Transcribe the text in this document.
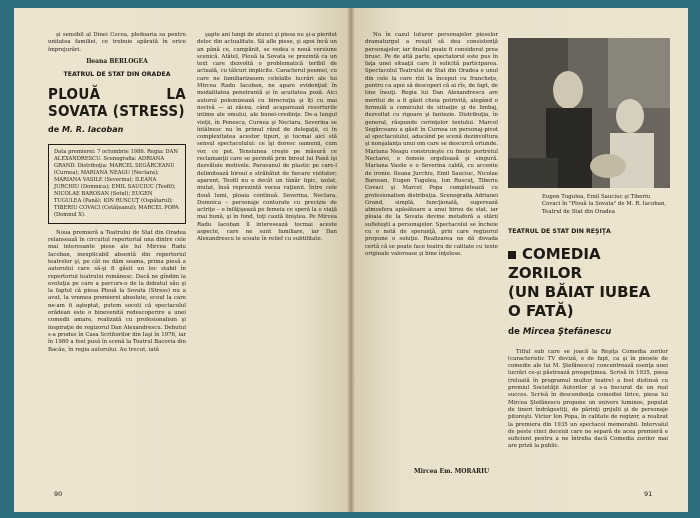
şi sensibil al Dinei Cocea, pledoaria sa pentru unitatea familiei, ce trebuie apărată în orice împrejurări.

Ileana BERLOGEA
TEATRUL DE STAT DIN ORADEA
PLOUĂ LA SOVATA (STRESS)
de M. R. Iacoban
Data premierei: 7 octombrie 1986. Regia: DAN ALEXANDRESCU. Scenografia: ADRIANA GRAND. Distribuţia: MARCEL SEGĂRCEANU (Curnea); MARIANA NEAGU (Nectara); MARIANA VASILE (Severina); ILEANA JURCHIU (Domnica); EMIL SAUCIUC (Teofil); NICOLAE BAROSAN (Sotul); EUGEN TUGULEA (Pană); ION RUSCUŢ (Ospătarul); TIBERIU COVACI (Cetăţeanul); MARCEL POPA (Domnul X).

Noua premieră a Teatrului de Stat din Oradea relansează în circuitul repertorial una dintre cele mai interesante piese ale lui Mircea Radu Iacoban, inexplicabil absentă din repertoriul teatrelor şi, pe cât ne dăm seama, prima piesă a autorului care să-şi fi găsit un loc stabil în repertoriul teatrului românesc. Dacă ne gîndim la evoluţia pe care a parcurs-o de la debutul său şi la faptul că piesa Plouă la Sovata (Stress) nu a avut, la vremea premierei absolute, ecoul la care ne-am fi aşteptat, putem socoti că spectacolul orădean este o binevenită redescoperire a unei comedii amare, realizată cu profesionalism şi inspiraţie de regizorul Dan Alexandrescu. Debutul s-a produs în Casa Scriitorilor din Iaşi în 1976, iar în 1980 a fost pusă în scenă la Teatrul Bacovia din Bacău, în regia autorului. Au trecut, iată

şapte ani lungi de atunci şi piesa nu şi-a pierdut deloc din actualitate. Să afle piese, şi apoi încă un an până ce, cumpănit, se vedea o nouă versiune scenică. Atâtel, Plouă la Sovata se prezintă ca un text care dezvoltă o problematică teribil de actuală, cu tâlcuri implicite. Caracterul poemei, cu care ne familiarizasem celelalte lucrări ale lui Mircea Radu Iacoban, ne apare evidenţiat în modalitatea penetrantă şi în acuitatea poză. Aici autorul polemizează cu birocraţia şi îţi cu mai nocivă — ai zăcea, când acaparează resorturile intime ale omului, ale bunei-credinţe. De-a lungul vieţii, în Penescu, Curnea şi Nectara, Severina se întâlnesc nu în primul rând de delegaţii, ci în complexitatea acestor tipuri, şi tocmai aici stă sensul spectacolului: ce îşi doresc oamenii, cum vor, ce pot. Tensiunea creşte pe măsură ce reclamanţii care se perindă prin biroul lui Pană îşi dezvăluie motivele. Paravanul de plastic pe care-l delimitează biroul e străbătut de fiecare vizitator; aparent, Teofil nu e decât un tânăr tipic, izolat, mutat, însă reprezintă vocea raţiunii. Între cele două lumi, ploaia continuă. Severina, Nectara, Domnica – personaje conturate cu precizie de actriţe – o înfăţişează pe femeia ce speră la o viaţă mai bună, şi în fond, toţi caută liniştea. Pe Mircea Radu Iacoban îl interesează tocmai aceste aspecte, care ne sunt familiare, iar Dan Alexandrescu le scoate în relief cu subtilitate.

90

Nu în cazul tuturor personajelor pieselor dramaturgul a reuşit să dea consistenţă personajelor, iar finalul poate fi considerat prea brusc. Pe de altă parte, spectatorul este pus în faţa unei situaţii care îi solicită participarea. Spectacolul Teatrului de Stat din Oradea e unul din cele la care rîzi la început cu franchețe, pentru ca apoi să descoperi că ai rîs, de fapt, de tine însuţi. Regia lui Dan Alexandrescu are meritul de a fi găsit cheia potrivită, alegând o formulă a comicului de situaţie şi de limbaj, dezvoltat cu rigoare şi fantezie. Distribuţia, în general, răspunde cerinţelor textului. Marcel Segărceanu a găsit în Curnea un personaj-pivot al spectacolului, aducând pe scenă dezinvoltura şi nonşalanţa unui om care se descurcă oriunde. Mariana Neagu construieşte cu finețe portretul Nectarei, o femeie orgolioasă şi singură. Mariana Vasile e o Severina caldă, cu accente de ironie. Ileana Jurchiu, Emil Sauciuc, Nicolae Barosan, Eugen Tugulea, Ion Ruscuţ, Tiberiu Covaci şi Marcel Popa completează cu profesionalism distribuţia. Scenografia Adrianei Grand, simplă, funcţională, sugerează atmosfera apăsătoare a unui birou de stat, iar ploaia de la Sovata devine metaforă a stării sufleteşti a personajelor. Spectacolul se încheie cu o notă de speranţă, prin care regizorul propune o soluţie. Realizarea ne dă dovada certă că se poate face teatru de calitate cu texte originale valoroase şi bine înţelese.

Mircea Em. MORARIU
Eugen Tugulea, Emil Sauciuc şi Tiberiu Covaci în "Plouă la Sovata" de M. R. Iacoban, Teatrul de Stat din Oradea
TEATRUL DE STAT DIN REŞIŢA
COMEDIA
ZORILOR
(UN BĂIAT IUBEA
O FATĂ)
de Mircea Ştefănescu

Titlul sub care se joacă la Reşiţa Comedia zorilor (caracteristic TV deviză, e de fapt, ca şi în piesele de comedie ale lui M. Ştefănescu) concentrează esenţa unei lucrări ce-şi păstrează prospeţimea. Scrisă în 1935, piesa (reluată în programul multor teatre) a fost distinsă cu premiul Societăţii Autorilor şi s-a bucurat de un real succes. Scrisă în descendenţa comediei lirice, piesa lui Mircea Ştefănescu propune un univers luminos, populat de tineri îndrăgostiţi, de părinţi grijulii şi de personaje pitoreşti. Victor Ion Popa, în calitate de regizor, a realizat la premiera din 1935 un spectacol memorabil. Intervalul de peste cinci decenii care ne separă de acea premieră e suficient pentru a ne întreba dacă Comedia zorilor mai are priză la public.

91
